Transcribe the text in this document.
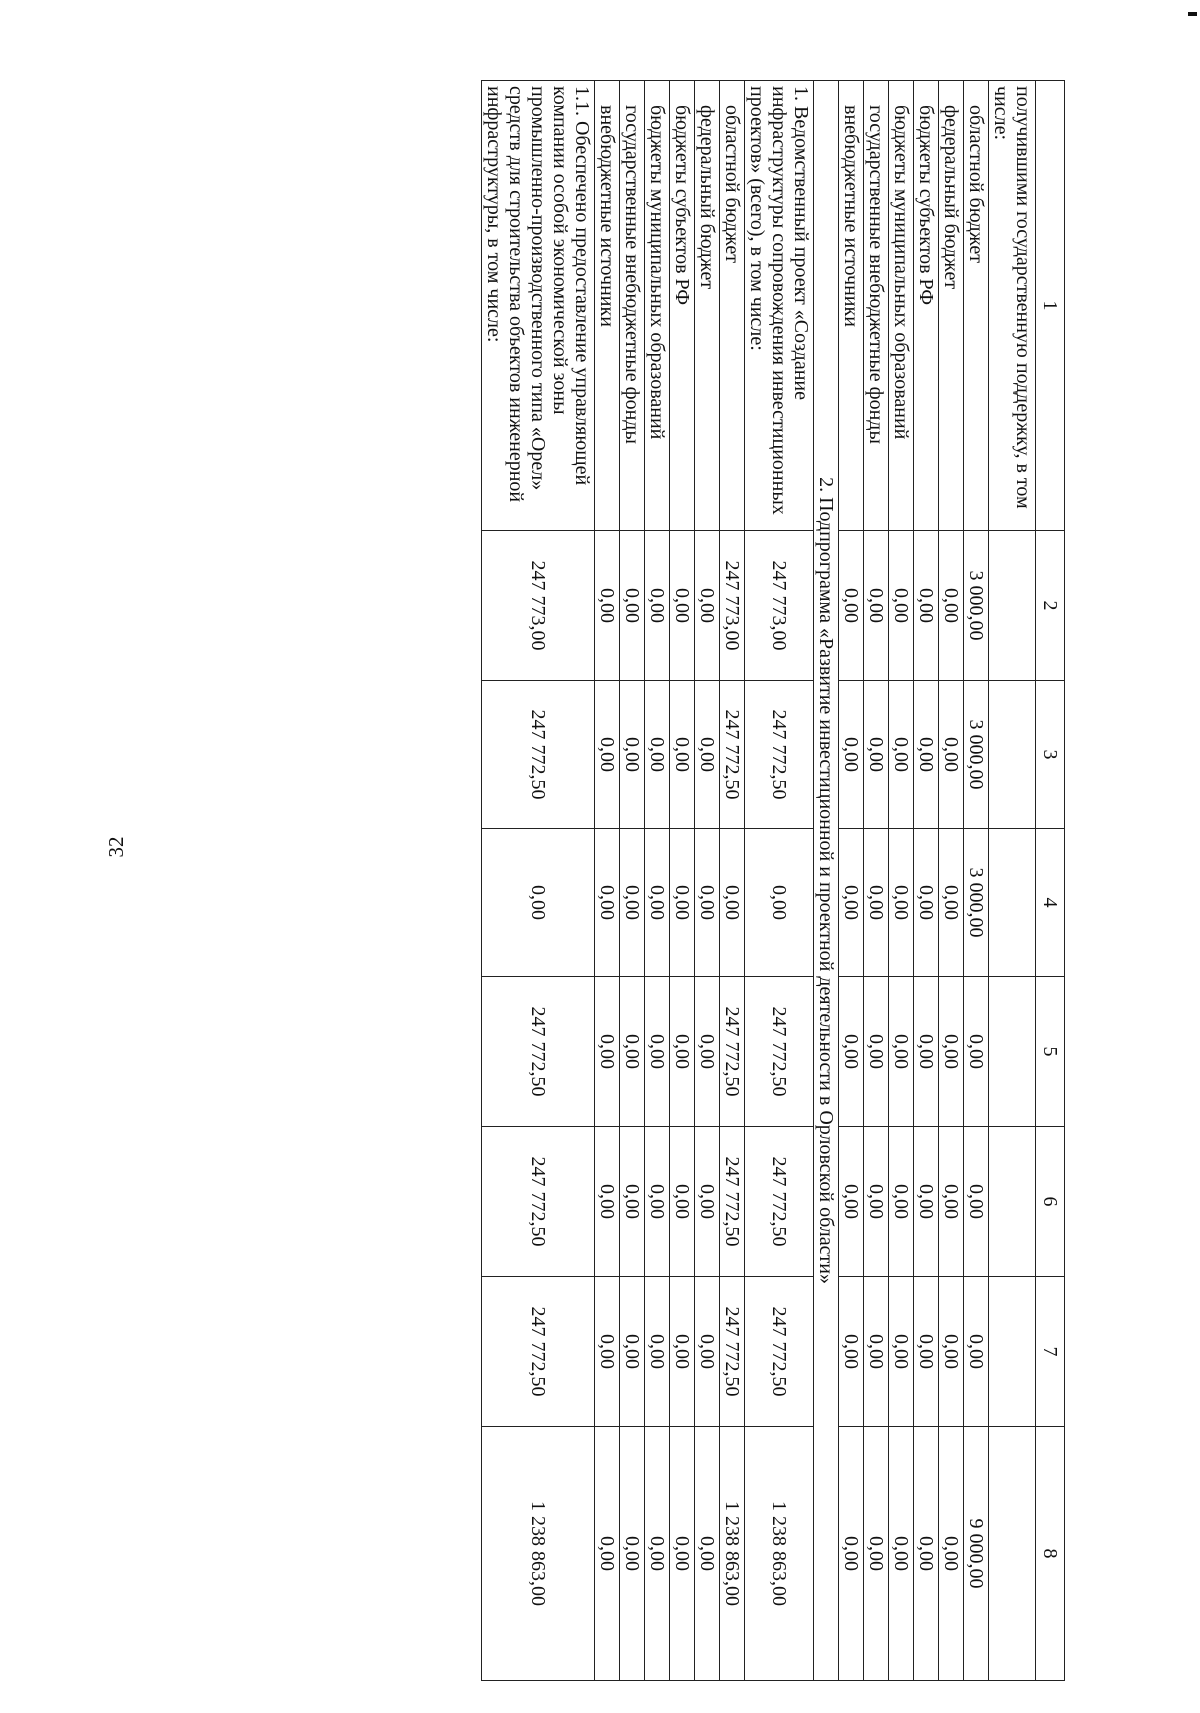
32
1	2	3	4	5	6	7	8
получившими государственную поддержку, в том числе:							
областной бюджет	3 000,00	3 000,00	3 000,00	0,00	0,00	0,00	9 000,00
федеральный бюджет	0,00	0,00	0,00	0,00	0,00	0,00	0,00
бюджеты субъектов РФ	0,00	0,00	0,00	0,00	0,00	0,00	0,00
бюджеты муниципальных образований	0,00	0,00	0,00	0,00	0,00	0,00	0,00
государственные внебюджетные фонды	0,00	0,00	0,00	0,00	0,00	0,00	0,00
внебюджетные источники	0,00	0,00	0,00	0,00	0,00	0,00	0,00
2. Подпрограмма «Развитие инвестиционной и проектной деятельности в Орловской области»							
1. Ведомственный проект «Создание инфраструктуры сопровождения инвестиционных проектов» (всего), в том числе:	247 773,00	247 772,50	0,00	247 772,50	247 772,50	247 772,50	1 238 863,00
областной бюджет	247 773,00	247 772,50	0,00	247 772,50	247 772,50	247 772,50	1 238 863,00
федеральный бюджет	0,00	0,00	0,00	0,00	0,00	0,00	0,00
бюджеты субъектов РФ	0,00	0,00	0,00	0,00	0,00	0,00	0,00
бюджеты муниципальных образований	0,00	0,00	0,00	0,00	0,00	0,00	0,00
государственные внебюджетные фонды	0,00	0,00	0,00	0,00	0,00	0,00	0,00
внебюджетные источники	0,00	0,00	0,00	0,00	0,00	0,00	0,00
1.1. Обеспечено предоставление управляющей компании особой экономической зоны промышленно-производственного типа «Орел» средств для строительства объектов инженерной инфраструктуры, в том числе:	247 773,00	247 772,50	0,00	247 772,50	247 772,50	247 772,50	1 238 863,00
